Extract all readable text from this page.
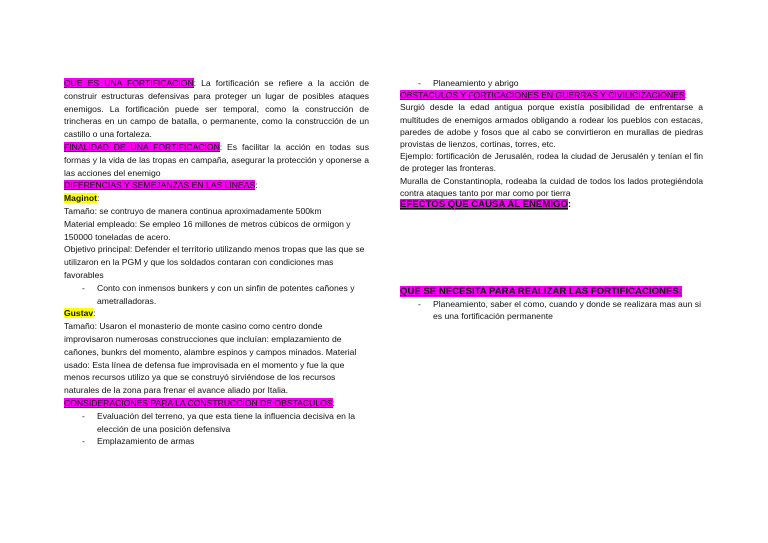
QUE ES UNA FORTIFICACION: La fortificación se refiere a la acción de construir estructuras defensivas para proteger un lugar de posibles ataques enemigos. La fortificación puede ser temporal, como la construcción de trincheras en un campo de batalla, o permanente, como la construcción de un castillo o una fortaleza.

FINALIDAD DE UNA FORTIFICACION: Es facilitar la acción en todas sus formas y la vida de las tropas en campaña, asegurar la protección y oponerse a las acciones del enemigo

DIFERENCIAS Y SEMEJANZAS EN LAS LINEAS:

Maginot:

Tamaño: se contruyo de manera continua aproximadamente 500km

Material empleado: Se empleo 16 millones de metros cúbicos de ormigon y 150000 toneladas de acero.

Objetivo principal: Defender el territorio utilizando menos tropas que las que se utilizaron en la PGM y que los soldados contaran con condiciones mas favorables

-	Conto con inmensos bunkers y con un sinfin de potentes cañones y ametralladoras.

Gustav:

Tamaño: Usaron el monasterio de monte casino como centro donde improvisaron numerosas construcciones que incluían: emplazamiento de cañones, bunkrs del momento, alambre espinos y campos minados. Material usado: Esta línea de defensa fue improvisada en el momento y fue la que menos recursos utilizo ya que se construyó sirviéndose de los recursos naturales de la zona para frenar el avance aliado por Italia.

CONSIDERACIONES PARA LA CONSTRUCCION DE OBSTACULOS:

-	Evaluación del terreno, ya que esta tiene la influencia decisiva en la elección de una posición defensiva
-	Emplazamiento de armas
-	Planeamiento y abrigo

OBSTACULOS Y FORTICACIONES EN GUERRAS Y CIVILICIZACIONES:

Surgió desde la edad antigua porque existía posibilidad de enfrentarse a multitudes de enemigos armados obligando a rodear los pueblos con estacas, paredes de adobe y fosos que al cabo se convirtieron en murallas de piedras provistas de lienzos, cortinas, torres, etc.

Ejemplo: fortificación de Jerusalén, rodea la ciudad de Jerusalén y tenían el fin de proteger las fronteras.

Muralla de Constantinopla, rodeaba la cuidad de todos los lados protegiéndola contra ataques tanto por mar como por tierra

EFECTOS QUE CAUSA AL ENEMIGO:

QUE SE NECESITA PARA REALIZAR LAS FORTIFICACIONES:

-	Planeamiento, saber el como, cuando y donde se realizara mas aun si es una fortificación permanente
